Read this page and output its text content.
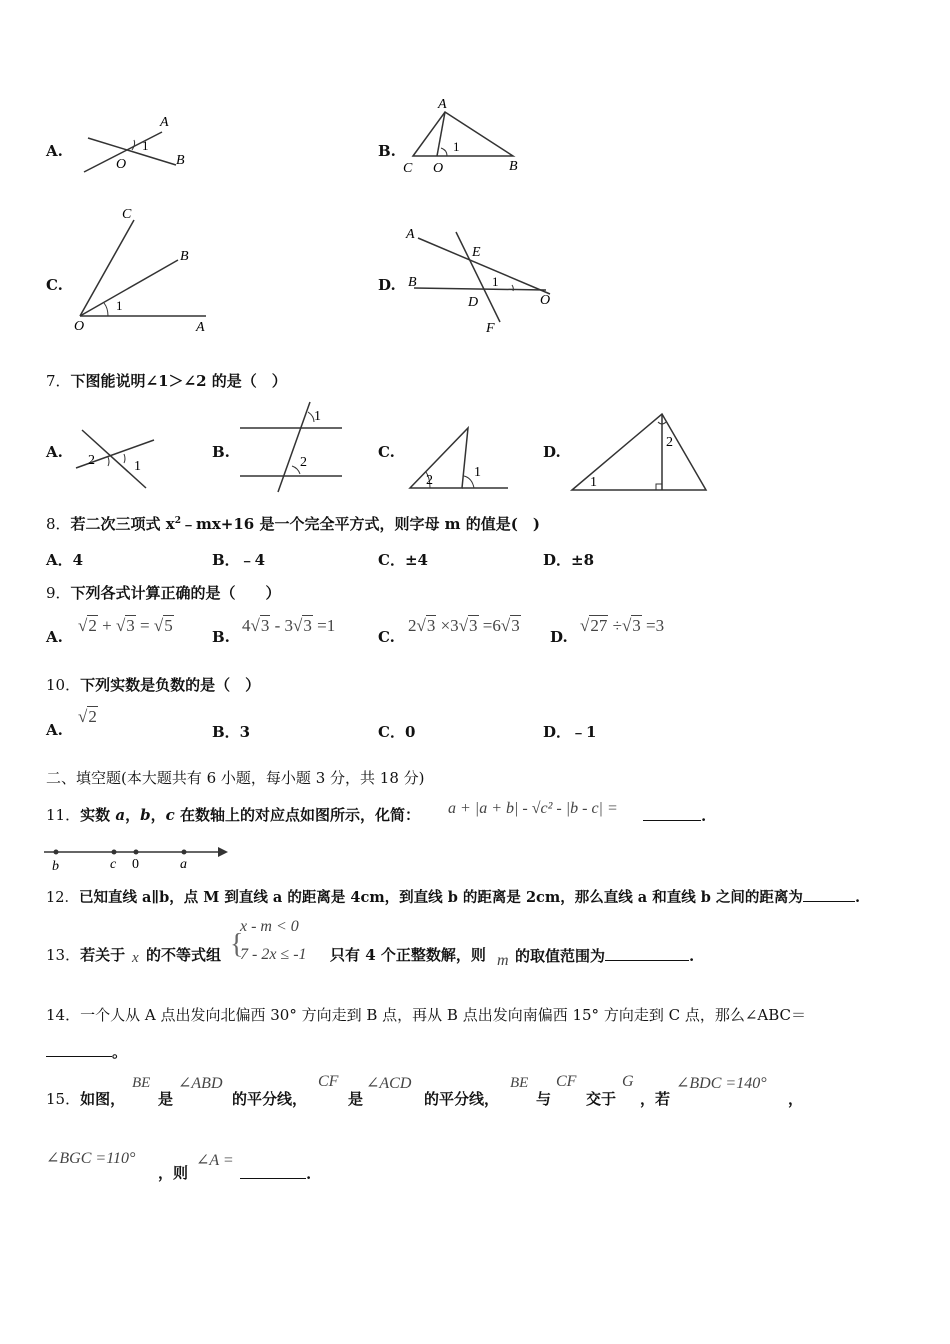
A.
A
O
1
B
B.
A
1
C O	B
C.
C
B
1
O	A
D.
A
E
B	1
D	O
F
7．下图能说明∠1＞∠2 的是（　）
A. 2	1
B.
1
2
C.
2
1
D.
2
1
8．若二次三项式 $x^2﹣mx+16$ 是一个完全平方式，则字母 m 的值是(　)
A．4	B．﹣4	C．±4	D．±8
9．下列各式计算正确的是（　　）
A.
√2 + √3 = √5
B.
4√3 - 3√3 =1
C.
2√3 ×3√3 =6√3
D.
√27 ÷√3 =3
10．下列实数是负数的是（　）
A.
√2
B．3	C．0	D．﹣1
二、填空题(本大题共有 6 小题，每小题 3 分，共 18 分)
11．实数 a，b，c 在数轴上的对应点如图所示，化简： a + |a + b| - √c² - |b - c| =	.
b	c 0	a
12．已知直线 a∥b，点 M 到直线 a 的距离是 4cm，到直线 b 的距离是 2cm，那么直线 a 和直线 b 之间的距离为	.
13．若关于 x 的不等式组 {
x - m < 0
7 - 2x ≤ -1 只有 4 个正整数解，则 m 的取值范围为	.
14．一个人从 A 点出发向北偏西 30° 方向走到 B 点，再从 B 点出发向南偏西 15° 方向走到 C 点，那么∠ABC＝
。
15．如图，
BE
是
∠ABD
的平分线，
CF
是
∠ACD
的平分线，
BE
与
CF
交于
G
，若
∠BDC =140°
，
∠BGC =110°
，则
∠A =
.
